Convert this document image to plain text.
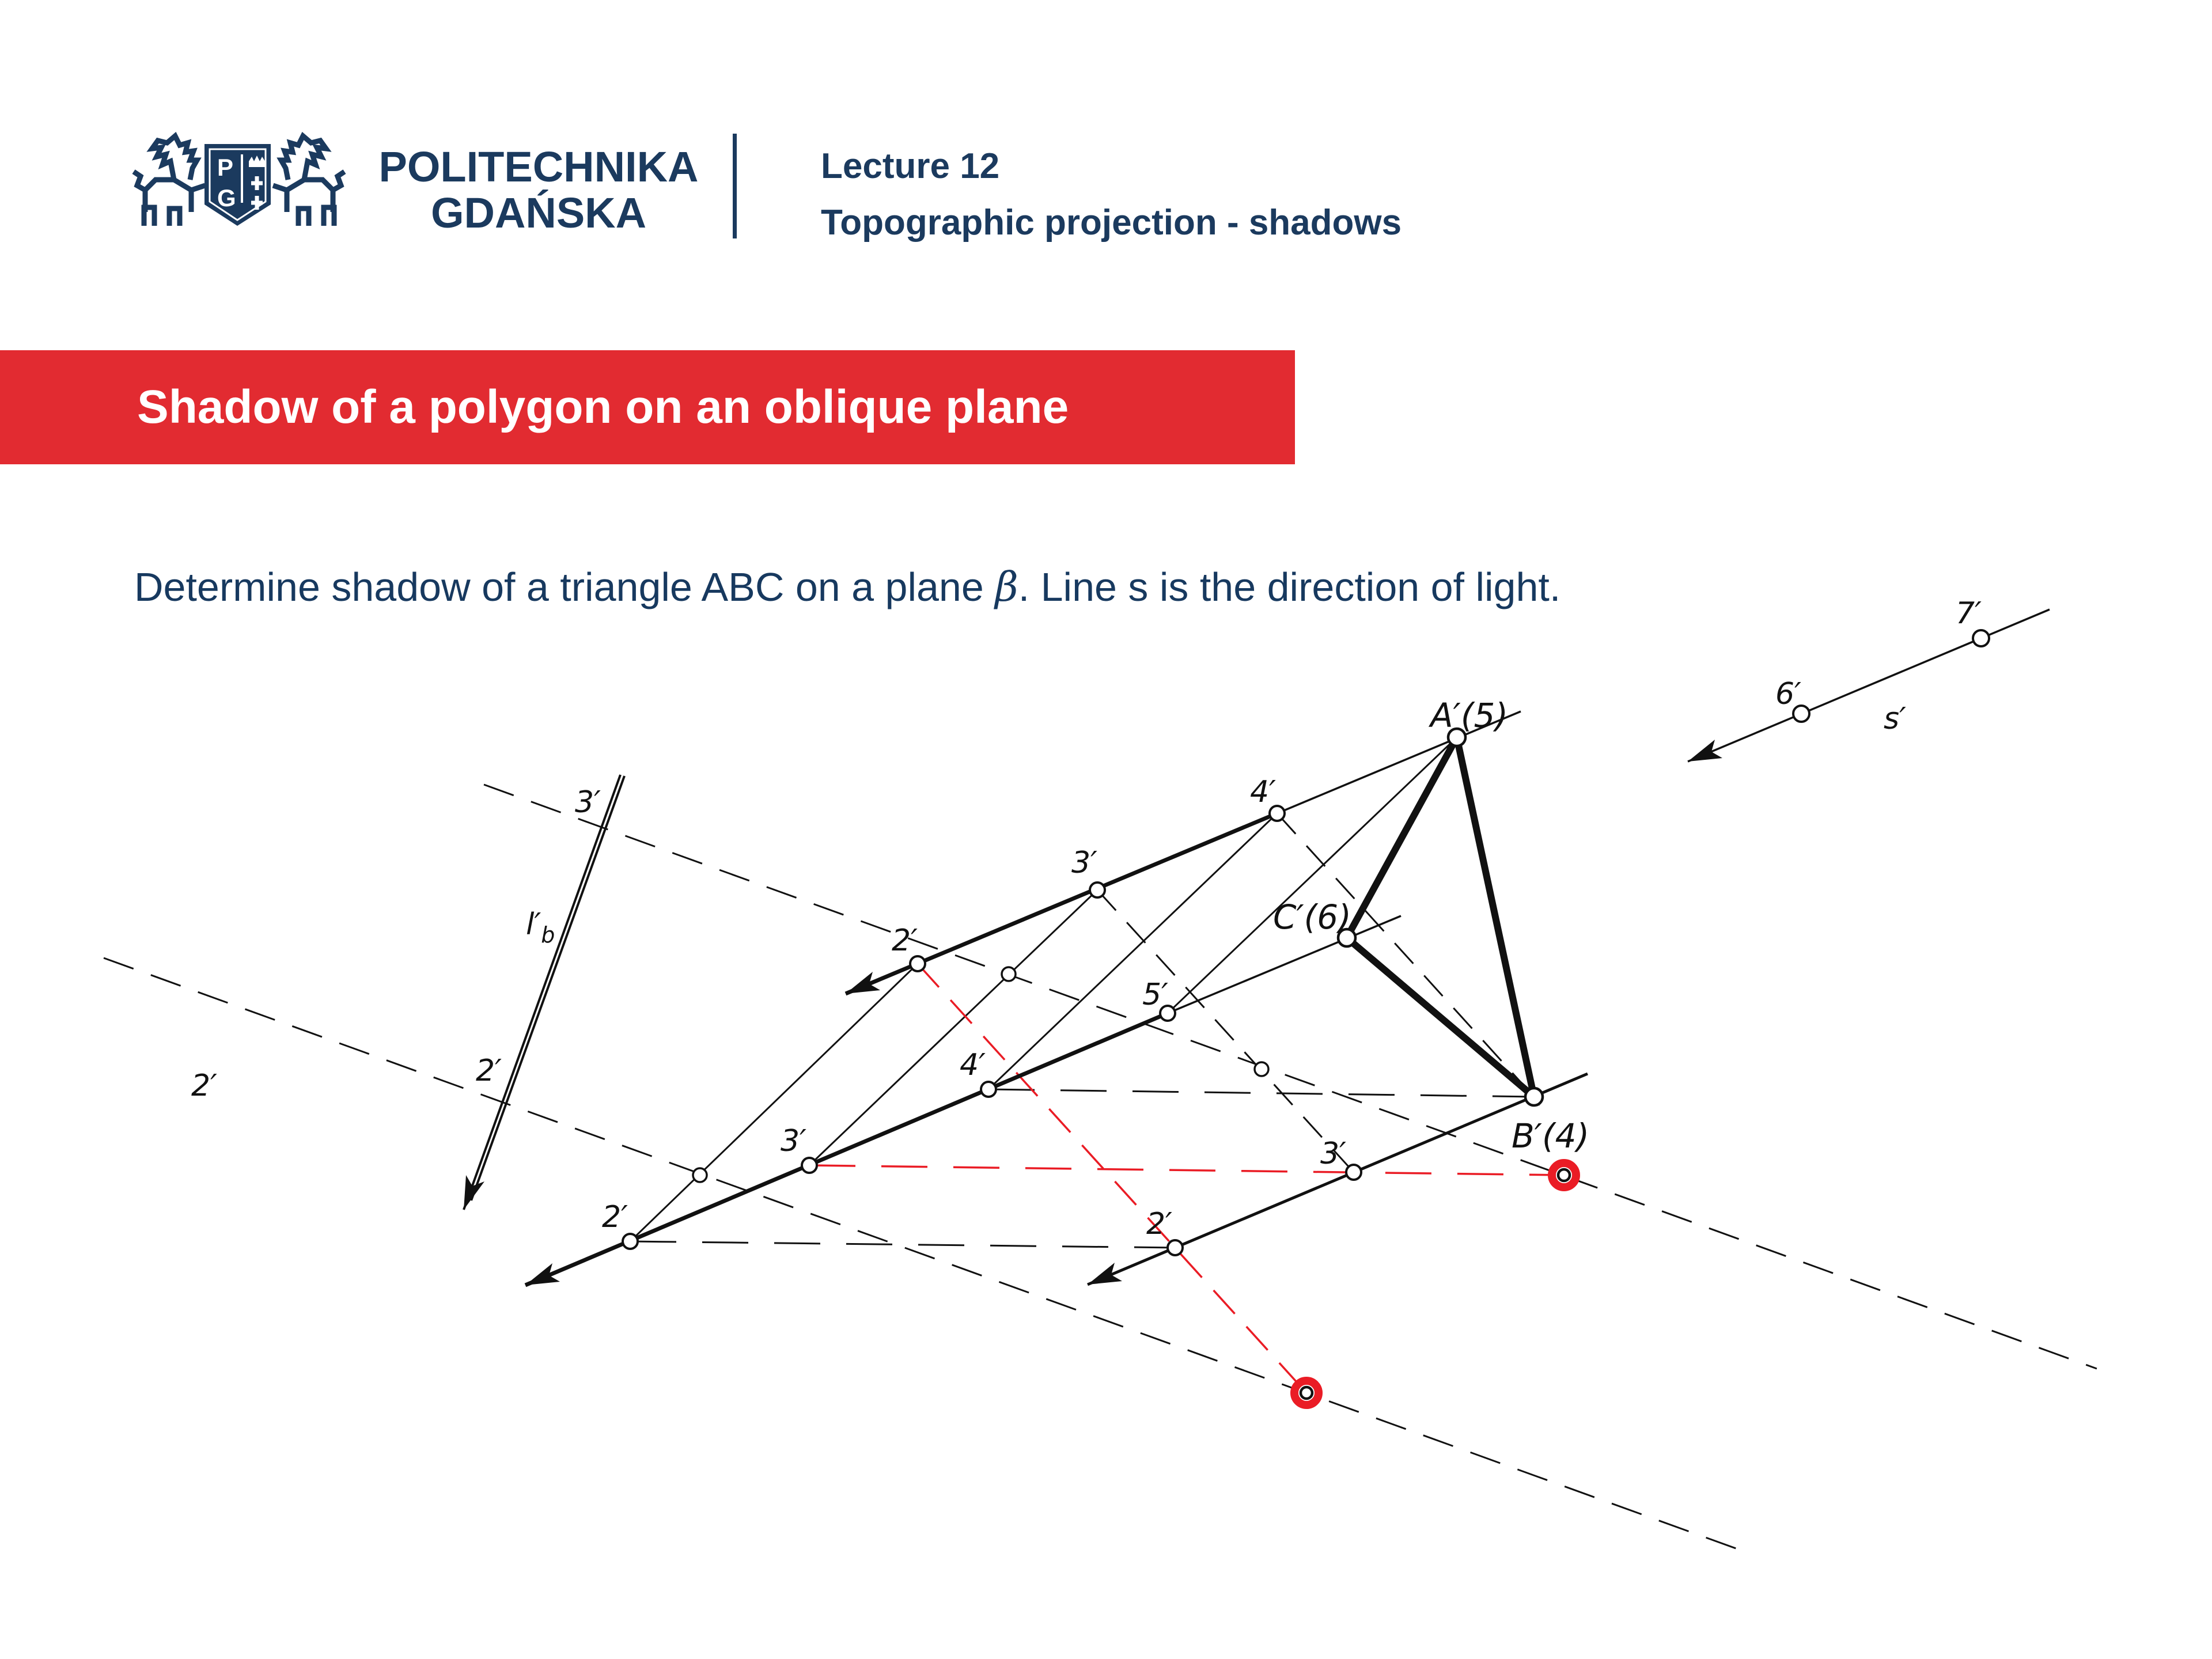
P
G
POLITECHNIKA
GDAŃSKA
Lecture 12
Topographic projection - shadows
Shadow of a polygon on an oblique plane
Determine shadow of a triangle ABC on a plane β. Line s is the direction of light.
7′
6′
s′
A′(5)
C′(6)
B′(4)
2′
3′
4′
2′
3′
4′
5′
2′
3′
3′
2′
2′
$l'_b$
